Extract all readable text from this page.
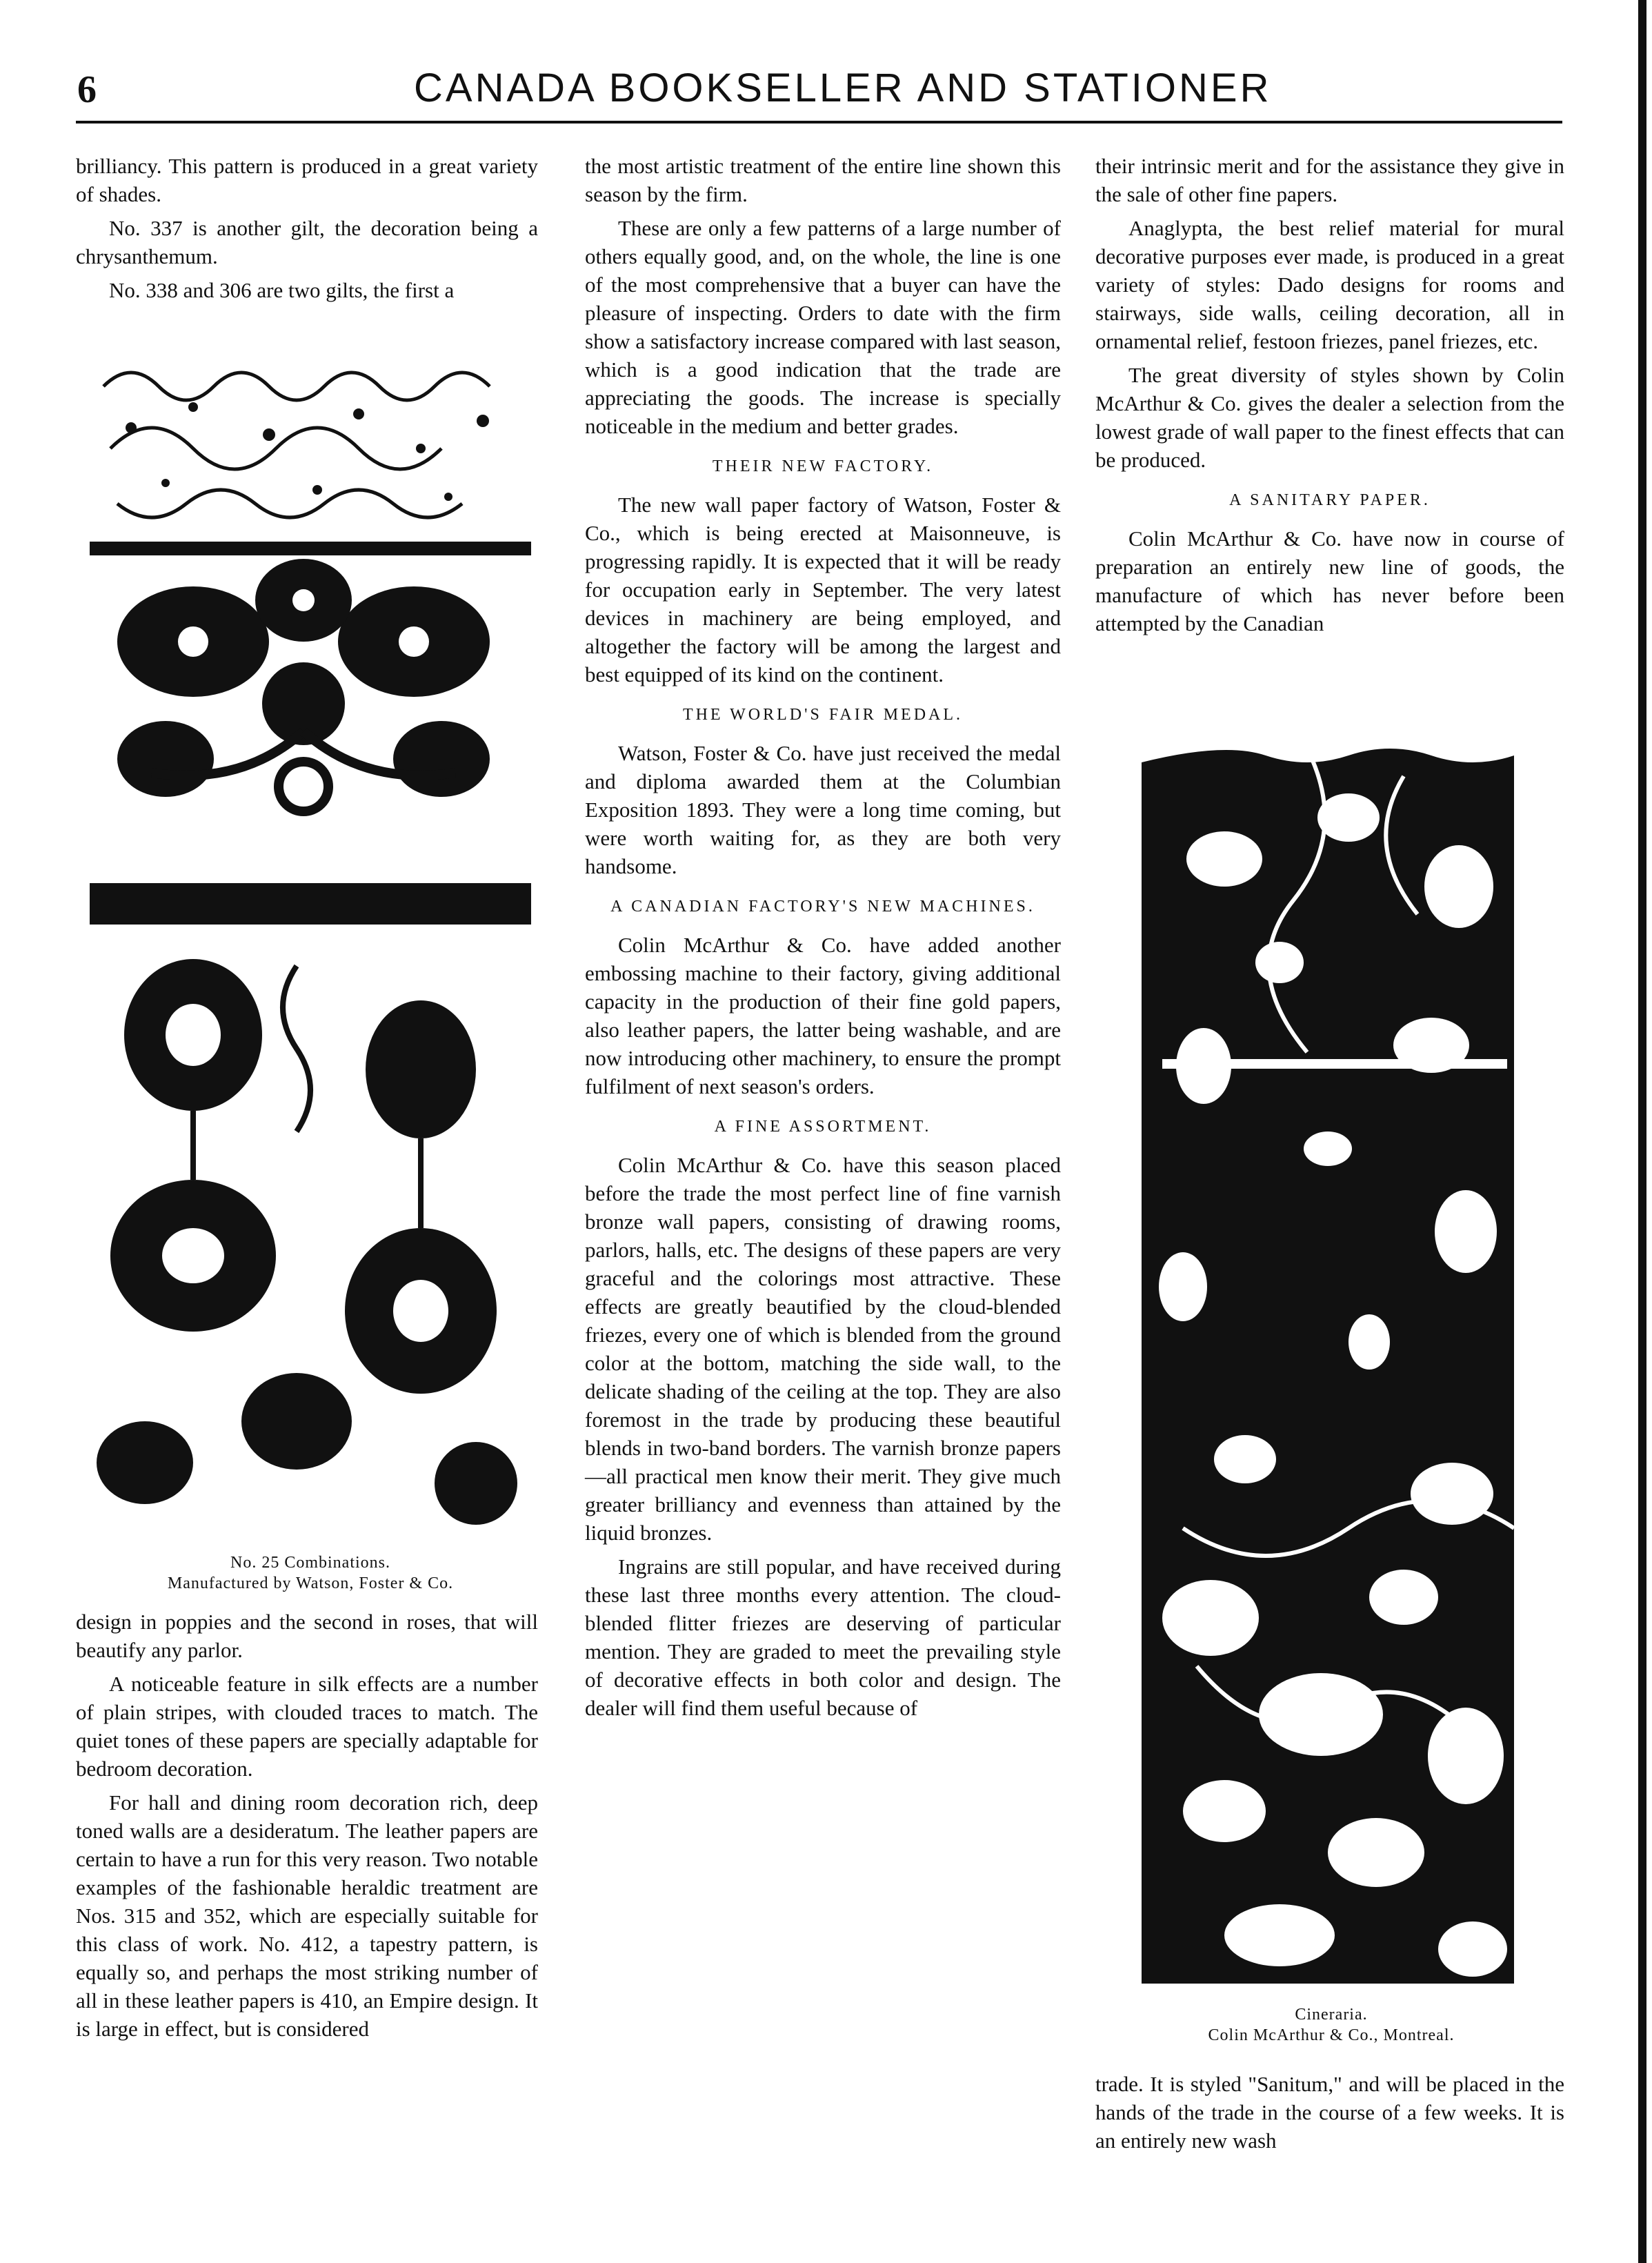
6	CANADA BOOKSELLER AND STATIONER

brilliancy. This pattern is produced in a great variety of shades.

No. 337 is another gilt, the decoration being a chrysanthemum.

No. 338 and 306 are two gilts, the first a

No. 25 Combinations.
Manufactured by Watson, Foster & Co.

design in poppies and the second in roses, that will beautify any parlor.

A noticeable feature in silk effects are a number of plain stripes, with clouded traces to match. The quiet tones of these papers are specially adaptable for bedroom decoration.

For hall and dining room decoration rich, deep toned walls are a desideratum. The leather papers are certain to have a run for this very reason. Two notable examples of the fashionable heraldic treatment are Nos. 315 and 352, which are especially suitable for this class of work. No. 412, a tapestry pattern, is equally so, and perhaps the most striking number of all in these leather papers is 410, an Empire design. It is large in effect, but is considered

the most artistic treatment of the entire line shown this season by the firm.

These are only a few patterns of a large number of others equally good, and, on the whole, the line is one of the most comprehensive that a buyer can have the pleasure of inspecting. Orders to date with the firm show a satisfactory increase compared with last season, which is a good indication that the trade are appreciating the goods. The increase is specially noticeable in the medium and better grades.

THEIR NEW FACTORY.

The new wall paper factory of Watson, Foster & Co., which is being erected at Maisonneuve, is progressing rapidly. It is expected that it will be ready for occupation early in September. The very latest devices in machinery are being employed, and altogether the factory will be among the largest and best equipped of its kind on the continent.

THE WORLD'S FAIR MEDAL.

Watson, Foster & Co. have just received the medal and diploma awarded them at the Columbian Exposition 1893. They were a long time coming, but were worth waiting for, as they are both very handsome.

A CANADIAN FACTORY'S NEW MACHINES.

Colin McArthur & Co. have added another embossing machine to their factory, giving additional capacity in the production of their fine gold papers, also leather papers, the latter being washable, and are now introducing other machinery, to ensure the prompt fulfilment of next season's orders.

A FINE ASSORTMENT.

Colin McArthur & Co. have this season placed before the trade the most perfect line of fine varnish bronze wall papers, consisting of drawing rooms, parlors, halls, etc. The designs of these papers are very graceful and the colorings most attractive. These effects are greatly beautified by the cloud-blended friezes, every one of which is blended from the ground color at the bottom, matching the side wall, to the delicate shading of the ceiling at the top. They are also foremost in the trade by producing these beautiful blends in two-band borders. The varnish bronze papers—all practical men know their merit. They give much greater brilliancy and evenness than attained by the liquid bronzes.

Ingrains are still popular, and have received during these last three months every attention. The cloud-blended flitter friezes are deserving of particular mention. They are graded to meet the prevailing style of decorative effects in both color and design. The dealer will find them useful because of

their intrinsic merit and for the assistance they give in the sale of other fine papers.

Anaglypta, the best relief material for mural decorative purposes ever made, is produced in a great variety of styles: Dado designs for rooms and stairways, side walls, ceiling decoration, all in ornamental relief, festoon friezes, panel friezes, etc.

The great diversity of styles shown by Colin McArthur & Co. gives the dealer a selection from the lowest grade of wall paper to the finest effects that can be produced.

A SANITARY PAPER.

Colin McArthur & Co. have now in course of preparation an entirely new line of goods, the manufacture of which has never before been attempted by the Canadian

Cineraria.
Colin McArthur & Co., Montreal.

trade. It is styled "Sanitum," and will be placed in the hands of the trade in the course of a few weeks. It is an entirely new wash
